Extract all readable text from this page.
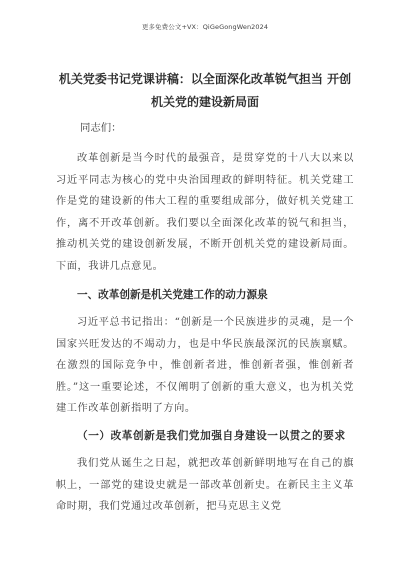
更多免费公文+VX：QiGeGongWen2024
机关党委书记党课讲稿：以全面深化改革锐气担当 开创机关党的建设新局面

同志们：

改革创新是当今时代的最强音，是贯穿党的十八大以来以习近平同志为核心的党中央治国理政的鲜明特征。机关党建工作是党的建设新的伟大工程的重要组成部分，做好机关党建工作，离不开改革创新。我们要以全面深化改革的锐气和担当，推动机关党的建设创新发展，不断开创机关党的建设新局面。下面，我讲几点意见。

一、改革创新是机关党建工作的动力源泉

习近平总书记指出：“创新是一个民族进步的灵魂，是一个国家兴旺发达的不竭动力，也是中华民族最深沉的民族禀赋。在激烈的国际竞争中，惟创新者进，惟创新者强，惟创新者胜。”这一重要论述，不仅阐明了创新的重大意义，也为机关党建工作改革创新指明了方向。

（一）改革创新是我们党加强自身建设一以贯之的要求

我们党从诞生之日起，就把改革创新鲜明地写在自己的旗帜上，一部党的建设史就是一部改革创新史。在新民主主义革命时期，我们党通过改革创新，把马克思主义党
